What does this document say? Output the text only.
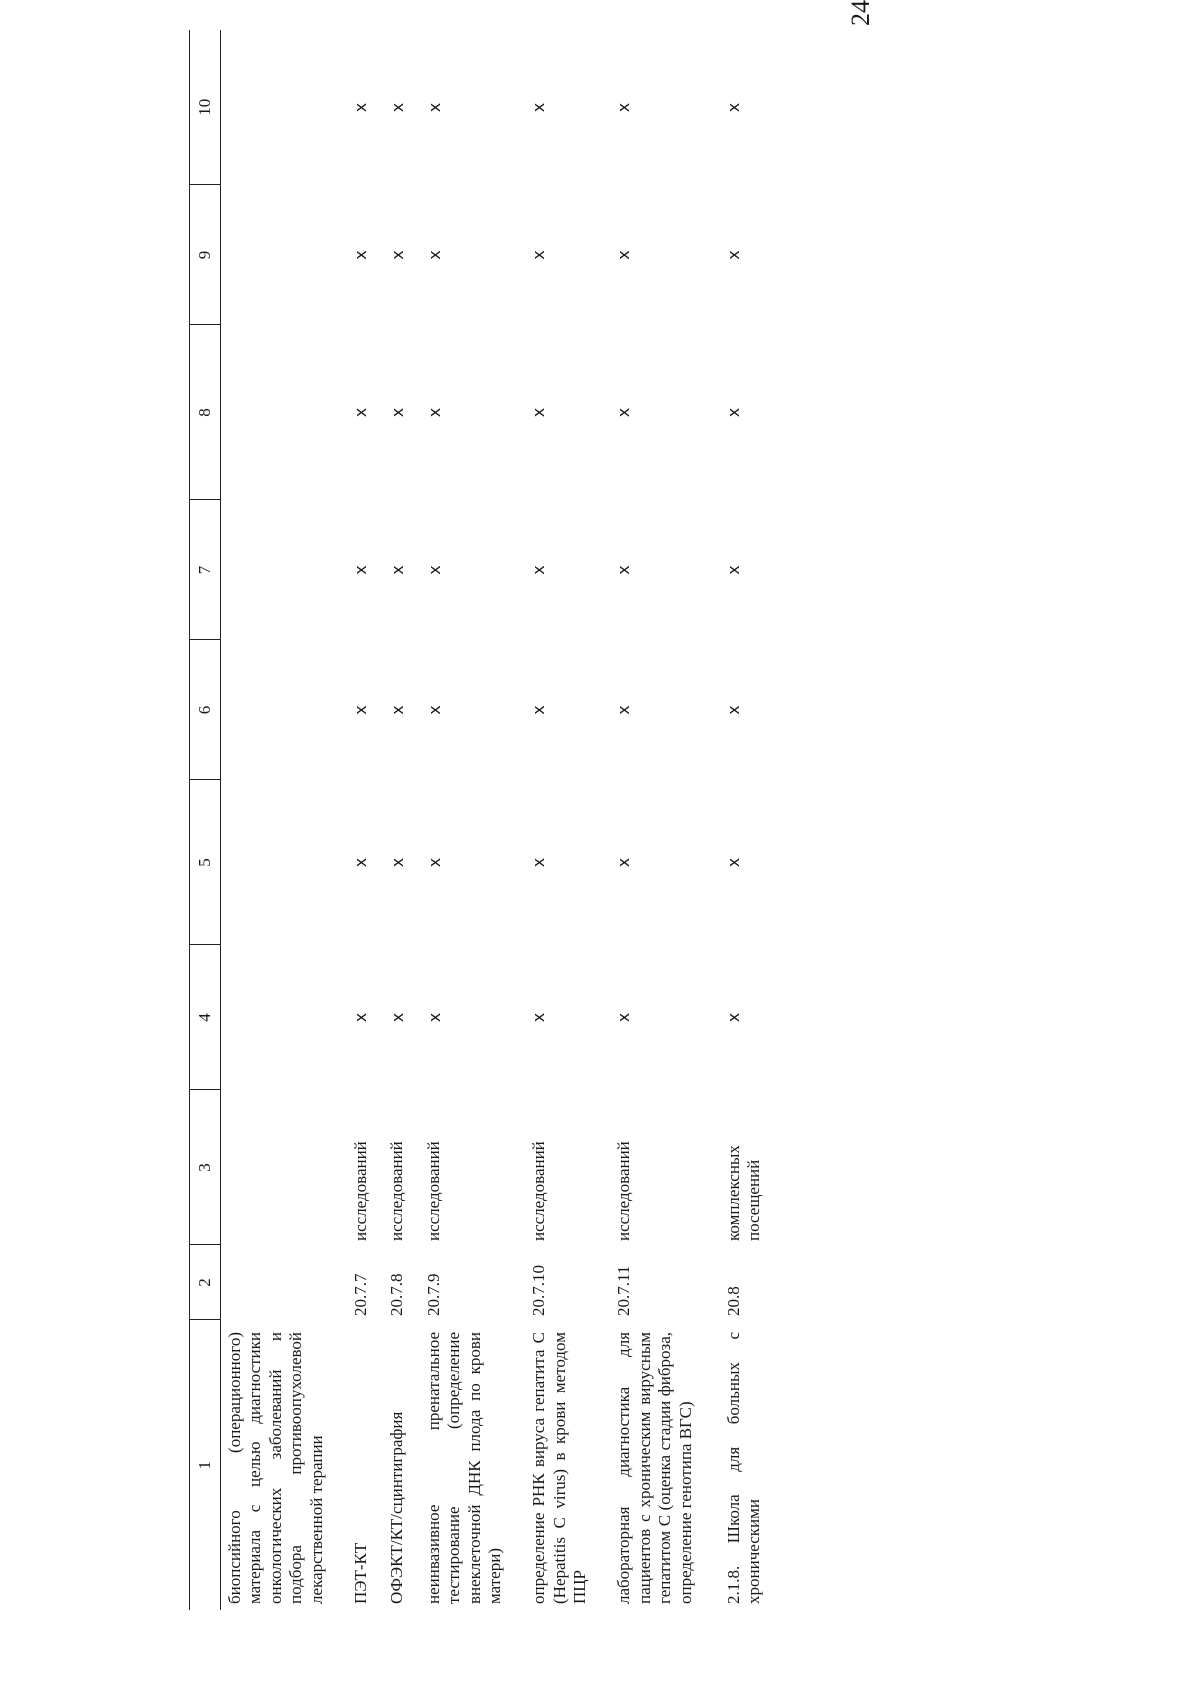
24
1	2	3	4	5	6	7	8	9	10
биопсийного (операционного) материала с целью диагностики онкологических заболеваний и подбора противоопухолевой лекарственной терапии									
ПЭТ-КТ	20.7.7	исследований	x	x	x	x	x	x	x
ОФЭКТ/КТ/сцинтиграфия	20.7.8	исследований	x	x	x	x	x	x	x
неинвазивное пренатальное тестирование (определение внеклеточной ДНК плода по крови матери)	20.7.9	исследований	x	x	x	x	x	x	x
определение РНК вируса гепатита C (Hepatitis C virus) в крови методом ПЦР	20.7.10	исследований	x	x	x	x	x	x	x
лабораторная диагностика для пациентов с хроническим вирусным гепатитом C (оценка стадии фиброза, определение генотипа ВГС)	20.7.11	исследований	x	x	x	x	x	x	x
2.1.8. Школа для больных с хроническими	20.8	комплексных посещений	x	x	x	x	x	x	x
